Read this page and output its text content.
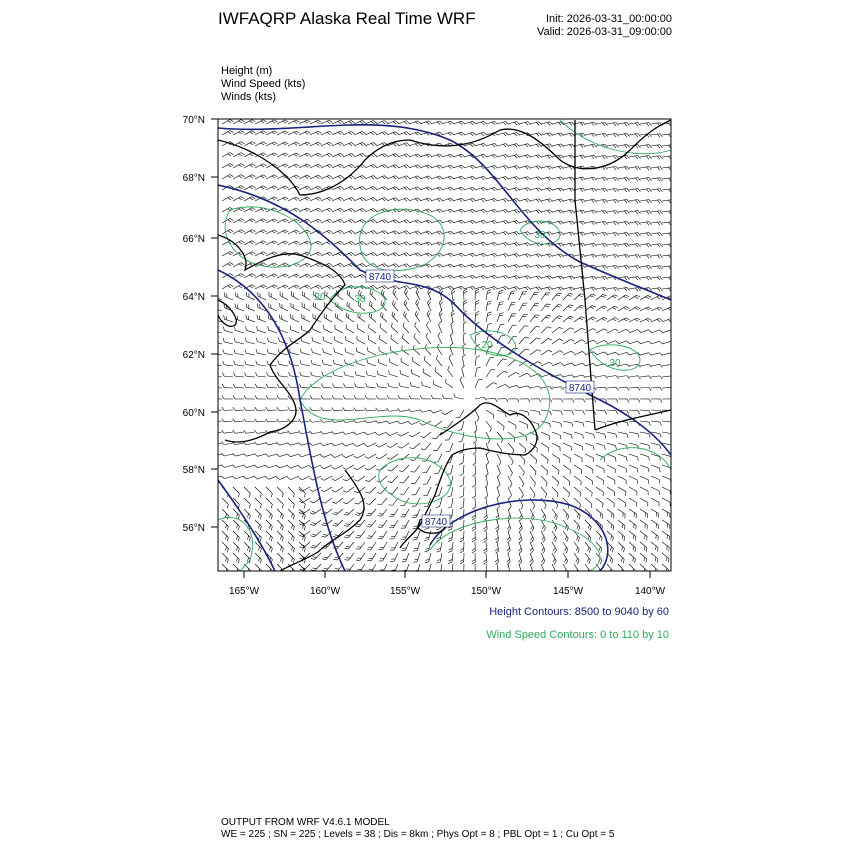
IWFAQRP Alaska Real Time WRF	Init: 2026-03-31_00:00:00
Valid: 2026-03-31_09:00:00
Height (m)
Wind Speed (kts)
Winds (kts)
8740
8740
8740
30
30
30
20
20
70°N
68°N
66°N
64°N
62°N
60°N
58°N
56°N
165°W	160°W	155°W	150°W	145°W	140°W
Height Contours: 8500 to 9040 by 60
Wind Speed Contours: 0 to 110 by 10
OUTPUT FROM WRF V4.6.1 MODEL
WE = 225 ; SN = 225 ; Levels = 38 ; Dis = 8km ; Phys Opt = 8 ; PBL Opt = 1 ; Cu Opt = 5
